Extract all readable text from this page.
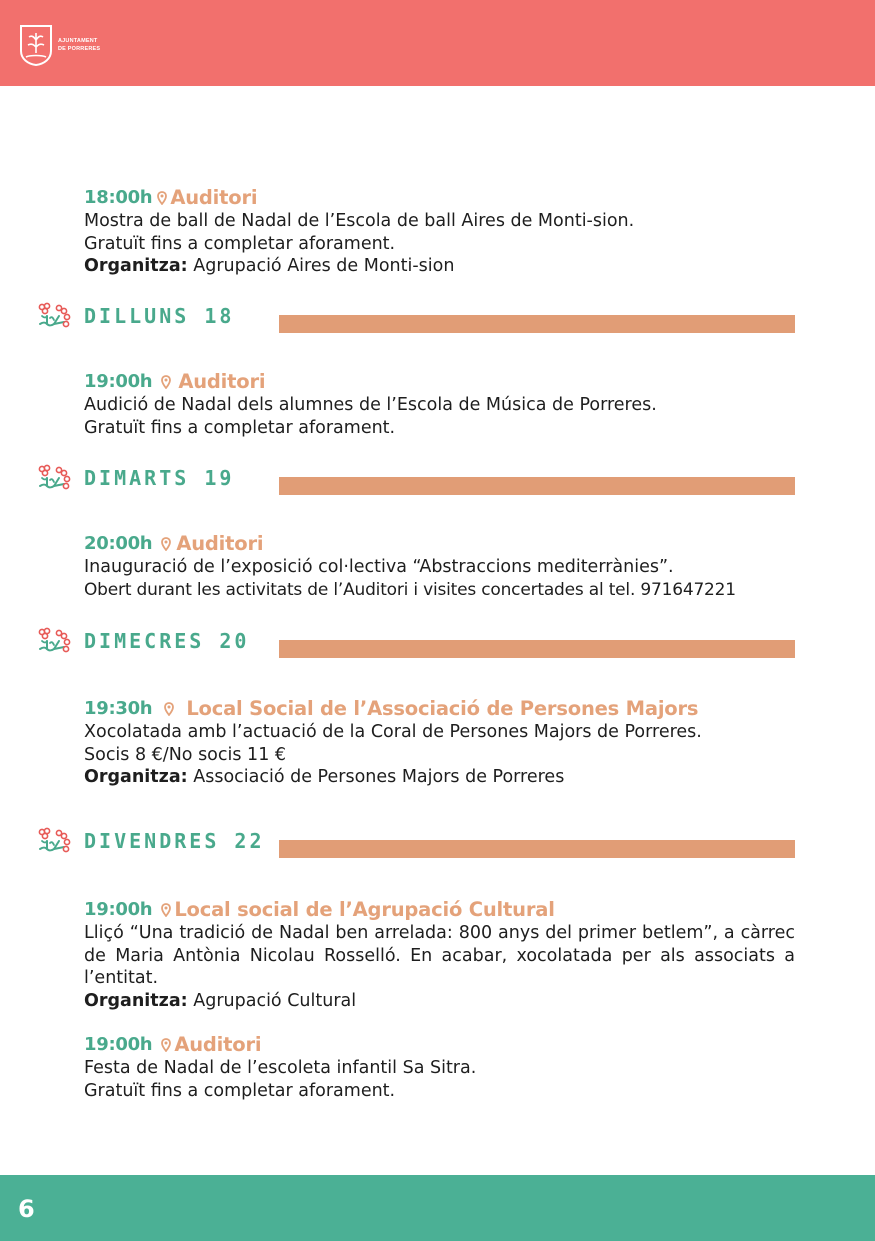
AJUNTAMENT
DE PORRERES
18:00h Auditori
Mostra de ball de Nadal de l’Escola de ball Aires de Monti-sion.
Gratuït fins a completar aforament.
Organitza: Agrupació Aires de Monti-sion
DILLUNS 18
19:00h Auditori
Audició de Nadal dels alumnes de l’Escola de Música de Porreres.
Gratuït fins a completar aforament.
DIMARTS 19
20:00h Auditori
Inauguració de l’exposició col·lectiva “Abstraccions mediterrànies”.
Obert durant les activitats de l’Auditori i visites concertades al tel. 971647221
DIMECRES 20
19:30h Local Social de l’Associació de Persones Majors
Xocolatada amb l’actuació de la Coral de Persones Majors de Porreres.
Socis 8 €/No socis 11 €
Organitza: Associació de Persones Majors de Porreres
DIVENDRES 22
19:00h Local social de l’Agrupació Cultural
Lliçó “Una tradició de Nadal ben arrelada: 800 anys del primer betlem”, a càrrec de Maria Antònia Nicolau Rosselló. En acabar, xocolatada per als associats a l’entitat.
Organitza: Agrupació Cultural
19:00h Auditori
Festa de Nadal de l’escoleta infantil Sa Sitra.
Gratuït fins a completar aforament.
6
